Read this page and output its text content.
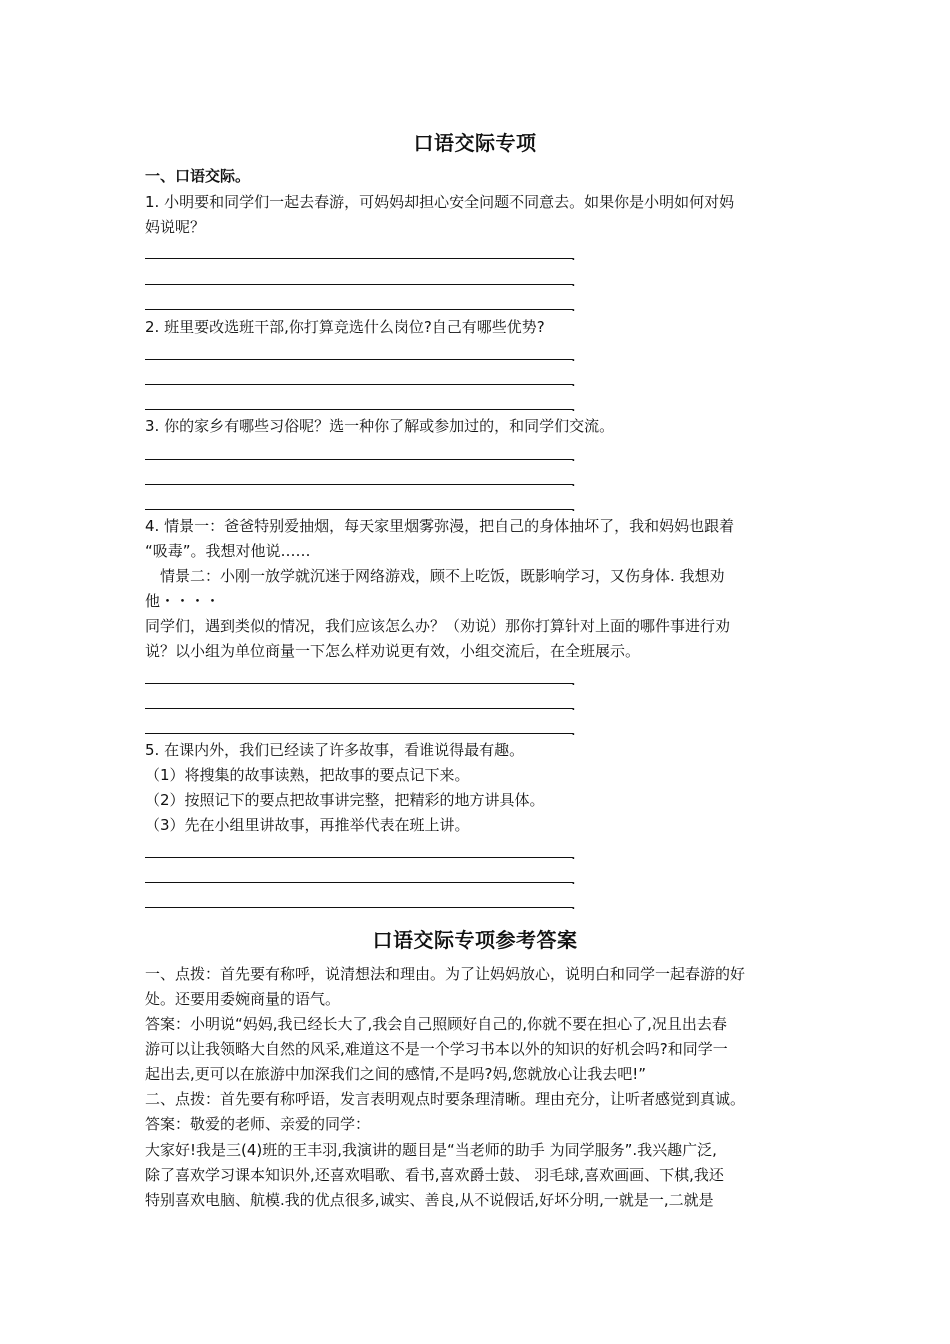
口语交际专项
一、口语交际。
1. 小明要和同学们一起去春游，可妈妈却担心安全问题不同意去。如果你是小明如何对妈
妈说呢？
.
.
.
2. 班里要改选班干部,你打算竞选什么岗位?自己有哪些优势?
.
.
.
3. 你的家乡有哪些习俗呢？选一种你了解或参加过的，和同学们交流。
.
.
.
4. 情景一：爸爸特别爱抽烟，每天家里烟雾弥漫，把自己的身体抽坏了，我和妈妈也跟着
“吸毒”。我想对他说……
情景二：小刚一放学就沉迷于网络游戏，顾不上吃饭，既影响学习，又伤身体. 我想劝
他・・・・
同学们，遇到类似的情况，我们应该怎么办？（劝说）那你打算针对上面的哪件事进行劝
说？以小组为单位商量一下怎么样劝说更有效，小组交流后，在全班展示。
.
.
.
5. 在课内外，我们已经读了许多故事，看谁说得最有趣。
（1）将搜集的故事读熟，把故事的要点记下来。
（2）按照记下的要点把故事讲完整，把精彩的地方讲具体。
（3）先在小组里讲故事，再推举代表在班上讲。
.
.
.
口语交际专项参考答案
一、点拨：首先要有称呼，说清想法和理由。为了让妈妈放心，说明白和同学一起春游的好
处。还要用委婉商量的语气。
答案：小明说“妈妈,我已经长大了,我会自己照顾好自己的,你就不要在担心了,况且出去春
游可以让我领略大自然的风采,难道这不是一个学习书本以外的知识的好机会吗?和同学一
起出去,更可以在旅游中加深我们之间的感情,不是吗?妈,您就放心让我去吧!”
二、点拨：首先要有称呼语，发言表明观点时要条理清晰。理由充分，让听者感觉到真诚。
答案：敬爱的老师、亲爱的同学：
大家好!我是三(4)班的王丰羽,我演讲的题目是“当老师的助手 为同学服务”.我兴趣广泛,
除了喜欢学习课本知识外,还喜欢唱歌、看书,喜欢爵士鼓、 羽毛球,喜欢画画、下棋,我还
特别喜欢电脑、航模.我的优点很多,诚实、善良,从不说假话,好坏分明,一就是一,二就是
